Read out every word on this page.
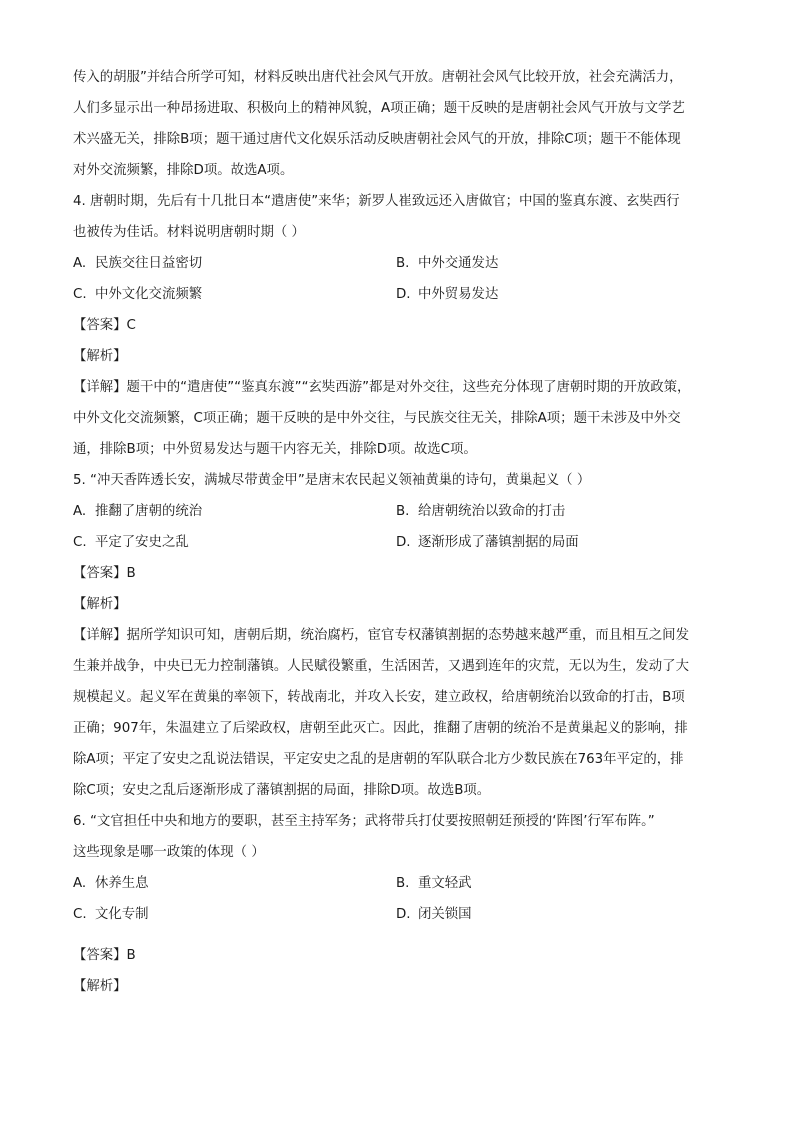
传入的胡服”并结合所学可知，材料反映出唐代社会风气开放。唐朝社会风气比较开放，社会充满活力，
人们多显示出一种昂扬进取、积极向上的精神风貌，A项正确；题干反映的是唐朝社会风气开放与文学艺
术兴盛无关，排除B项；题干通过唐代文化娱乐活动反映唐朝社会风气的开放，排除C项；题干不能体现
对外交流频繁，排除D项。故选A项。
4. 唐朝时期，先后有十几批日本“遣唐使”来华；新罗人崔致远还入唐做官；中国的鉴真东渡、玄奘西行
也被传为佳话。材料说明唐朝时期（ ）
A. 民族交往日益密切	B. 中外交通发达
C. 中外文化交流频繁	D. 中外贸易发达
【答案】C
【解析】
【详解】题干中的“遣唐使”“鉴真东渡”“玄奘西游”都是对外交往，这些充分体现了唐朝时期的开放政策，
中外文化交流频繁，C项正确；题干反映的是中外交往，与民族交往无关，排除A项；题干未涉及中外交
通，排除B项；中外贸易发达与题干内容无关，排除D项。故选C项。
5. “冲天香阵透长安，满城尽带黄金甲”是唐末农民起义领袖黄巢的诗句，黄巢起义（ ）
A. 推翻了唐朝的统治	B. 给唐朝统治以致命的打击
C. 平定了安史之乱	D. 逐渐形成了藩镇割据的局面
【答案】B
【解析】
【详解】据所学知识可知，唐朝后期，统治腐朽，宦官专权藩镇割据的态势越来越严重，而且相互之间发
生兼并战争，中央已无力控制藩镇。人民赋役繁重，生活困苦，又遇到连年的灾荒，无以为生，发动了大
规模起义。起义军在黄巢的率领下，转战南北，并攻入长安，建立政权，给唐朝统治以致命的打击，B项
正确；907年，朱温建立了后梁政权，唐朝至此灭亡。因此，推翻了唐朝的统治不是黄巢起义的影响，排
除A项；平定了安史之乱说法错误，平定安史之乱的是唐朝的军队联合北方少数民族在763年平定的，排
除C项；安史之乱后逐渐形成了藩镇割据的局面，排除D项。故选B项。
6. “文官担任中央和地方的要职，甚至主持军务；武将带兵打仗要按照朝廷预授的‘阵图’行军布阵。”
这些现象是哪一政策的体现（ ）
A. 休养生息	B. 重文轻武
C. 文化专制	D. 闭关锁国
【答案】B
【解析】
